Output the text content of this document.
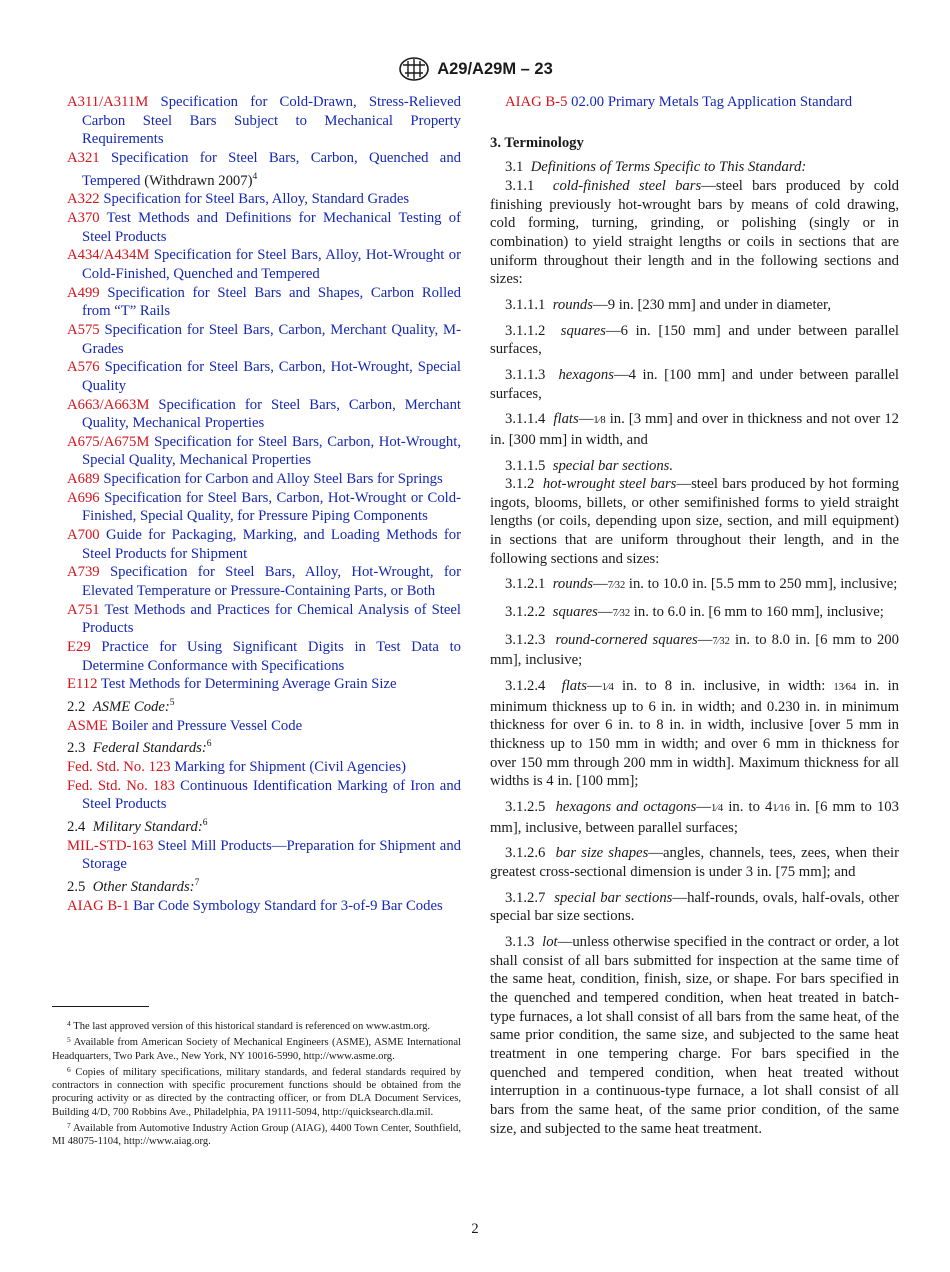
A29/A29M – 23

A311/A311M Specification for Cold-Drawn, Stress-Relieved Carbon Steel Bars Subject to Mechanical Property Requirements

A321 Specification for Steel Bars, Carbon, Quenched and Tempered (Withdrawn 2007)$^4$

A322 Specification for Steel Bars, Alloy, Standard Grades

A370 Test Methods and Definitions for Mechanical Testing of Steel Products

A434/A434M Specification for Steel Bars, Alloy, Hot-Wrought or Cold-Finished, Quenched and Tempered

A499 Specification for Steel Bars and Shapes, Carbon Rolled from “T” Rails

A575 Specification for Steel Bars, Carbon, Merchant Quality, M-Grades

A576 Specification for Steel Bars, Carbon, Hot-Wrought, Special Quality

A663/A663M Specification for Steel Bars, Carbon, Merchant Quality, Mechanical Properties

A675/A675M Specification for Steel Bars, Carbon, Hot-Wrought, Special Quality, Mechanical Properties

A689 Specification for Carbon and Alloy Steel Bars for Springs

A696 Specification for Steel Bars, Carbon, Hot-Wrought or Cold-Finished, Special Quality, for Pressure Piping Components

A700 Guide for Packaging, Marking, and Loading Methods for Steel Products for Shipment

A739 Specification for Steel Bars, Alloy, Hot-Wrought, for Elevated Temperature or Pressure-Containing Parts, or Both

A751 Test Methods and Practices for Chemical Analysis of Steel Products

E29 Practice for Using Significant Digits in Test Data to Determine Conformance with Specifications

E112 Test Methods for Determining Average Grain Size

2.2 ASME Code:$^5$

ASME Boiler and Pressure Vessel Code

2.3 Federal Standards:$^6$

Fed. Std. No. 123 Marking for Shipment (Civil Agencies)

Fed. Std. No. 183 Continuous Identification Marking of Iron and Steel Products

2.4 Military Standard:$^6$

MIL-STD-163 Steel Mill Products—Preparation for Shipment and Storage

2.5 Other Standards:$^7$

AIAG B-1 Bar Code Symbology Standard for 3-of-9 Bar Codes

$^4$ The last approved version of this historical standard is referenced on www.astm.org.

$^5$ Available from American Society of Mechanical Engineers (ASME), ASME International Headquarters, Two Park Ave., New York, NY 10016-5990, http://www.asme.org.

$^6$ Copies of military specifications, military standards, and federal standards required by contractors in connection with specific procurement functions should be obtained from the procuring activity or as directed by the contracting officer, or from DLA Document Services, Building 4/D, 700 Robbins Ave., Philadelphia, PA 19111-5094, http://quicksearch.dla.mil.

$^7$ Available from Automotive Industry Action Group (AIAG), 4400 Town Center, Southfield, MI 48075-1104, http://www.aiag.org.

AIAG B-5 02.00 Primary Metals Tag Application Standard

3. Terminology

3.1 Definitions of Terms Specific to This Standard:

3.1.1 cold-finished steel bars—steel bars produced by cold finishing previously hot-wrought bars by means of cold drawing, cold forming, turning, grinding, or polishing (singly or in combination) to yield straight lengths or coils in sections that are uniform throughout their length and in the following sections and sizes:

3.1.1.1 rounds—9 in. [230 mm] and under in diameter,

3.1.1.2 squares—6 in. [150 mm] and under between parallel surfaces,

3.1.1.3 hexagons—4 in. [100 mm] and under between parallel surfaces,

3.1.1.4 flats—1⁄8 in. [3 mm] and over in thickness and not over 12 in. [300 mm] in width, and

3.1.1.5 special bar sections.

3.1.2 hot-wrought steel bars—steel bars produced by hot forming ingots, blooms, billets, or other semifinished forms to yield straight lengths (or coils, depending upon size, section, and mill equipment) in sections that are uniform throughout their length, and in the following sections and sizes:

3.1.2.1 rounds—7⁄32 in. to 10.0 in. [5.5 mm to 250 mm], inclusive;

3.1.2.2 squares—7⁄32 in. to 6.0 in. [6 mm to 160 mm], inclusive;

3.1.2.3 round-cornered squares—7⁄32 in. to 8.0 in. [6 mm to 200 mm], inclusive;

3.1.2.4 flats—1⁄4 in. to 8 in. inclusive, in width: 13⁄64 in. in minimum thickness up to 6 in. in width; and 0.230 in. in minimum thickness for over 6 in. to 8 in. in width, inclusive [over 5 mm in thickness up to 150 mm in width; and over 6 mm in thickness for over 150 mm through 200 mm in width]. Maximum thickness for all widths is 4 in. [100 mm];

3.1.2.5 hexagons and octagons—1⁄4 in. to 41⁄16 in. [6 mm to 103 mm], inclusive, between parallel surfaces;

3.1.2.6 bar size shapes—angles, channels, tees, zees, when their greatest cross-sectional dimension is under 3 in. [75 mm]; and

3.1.2.7 special bar sections—half-rounds, ovals, half-ovals, other special bar size sections.

3.1.3 lot—unless otherwise specified in the contract or order, a lot shall consist of all bars submitted for inspection at the same time of the same heat, condition, finish, size, or shape. For bars specified in the quenched and tempered condition, when heat treated in batch-type furnaces, a lot shall consist of all bars from the same heat, of the same prior condition, the same size, and subjected to the same heat treatment in one tempering charge. For bars specified in the quenched and tempered condition, when heat treated without interruption in a continuous-type furnace, a lot shall consist of all bars from the same heat, of the same prior condition, of the same size, and subjected to the same heat treatment.

2
